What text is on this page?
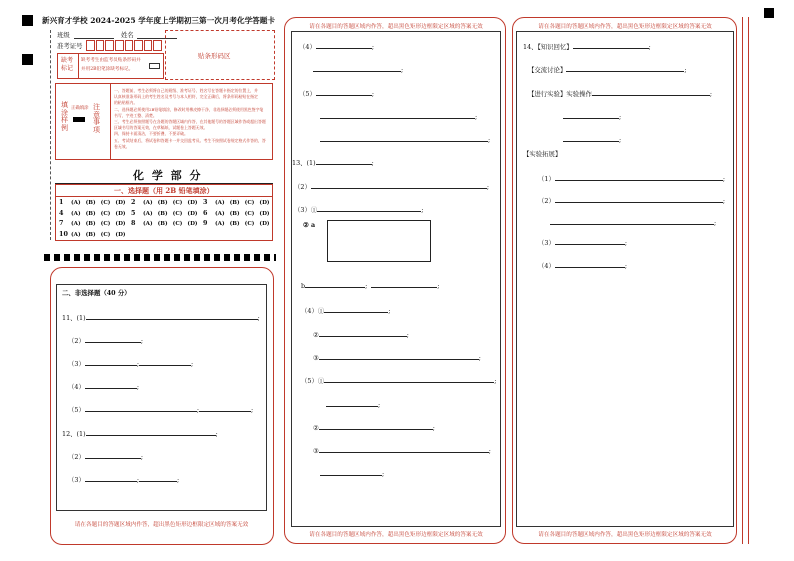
新兴育才学校 2024-2025 学年度上学期初三第一次月考化学答题卡
班级	姓名
准考证号
缺考
标记
缺考考生由监考员贴条形码并
并用2B铅笔涂缺考标记。
贴条形码区
填涂样例
正确填涂 注意事项
一、答题前，考生必须将自己的班级、准考证号、姓名写在答题卡指定的位置上，并
认真核准条形码上的考生姓名及考号与本人相符，完全正确后，将条形码粘贴在指定
的粘贴框内。
二、选择题必须使用2B铅笔填涂，修改时用橡皮擦干净，非选择题必须使用黑色签字笔
书写，字迹工整、清楚。
三、考生必须按照题号在各题的答题区域内作答，在其他题号的答题区域作答或超出答题
区域书写的答案无效，在草稿纸、试题卷上答题无效。
四、保持卡面清洁，不要折叠、不要弄破。
五、考试结束后，将试卷和答题卡一并交回监考员。考生不按照试卷规定格式作答的，答
卷无效。
化 学 部 分
一、选择题（用 2B 铅笔填涂）
1 (A) (B) (C) (D) 2 (A) (B) (C) (D) 3 (A) (B) (C) (D)
4 (A) (B) (C) (D) 5 (A) (B) (C) (D) 6 (A) (B) (C) (D)
7 (A) (B) (C) (D) 8 (A) (B) (C) (D) 9 (A) (B) (C) (D)
10 (A) (B) (C) (D)
二、非选择题（40 分）
11、(1)	;
（2）	;
（3）	;	;
（4）	;
（5）	;	;
12、(1)	;
（2）	;
（3）	;	;
请在各题目的答题区域内作答，超出黑色矩形边框限定区域的答案无效
请在各题目的答题区域内作答，超出黑色矩形边框限定区域的答案无效
（4）	;
;
（5）	;
;
;
13、(1)	;
（2）	;
（3）①	;
② a
b	;	;
（4）①	;
②	;
③	;
（5）①	;
;
②	;
③	;
;
请在各题目的答题区域内作答，超出黑色矩形边框限定区域的答案无效
请在各题目的答题区域内作答，超出黑色矩形边框限定区域的答案无效
14、【知识回忆】	;
【交流讨论】	;
【进行实验】实验操作	;
;
;
【实验拓展】
（1）	;
（2）	;
;
（3）	;
（4）	;
请在各题目的答题区域内作答，超出黑色矩形边框限定区域的答案无效
